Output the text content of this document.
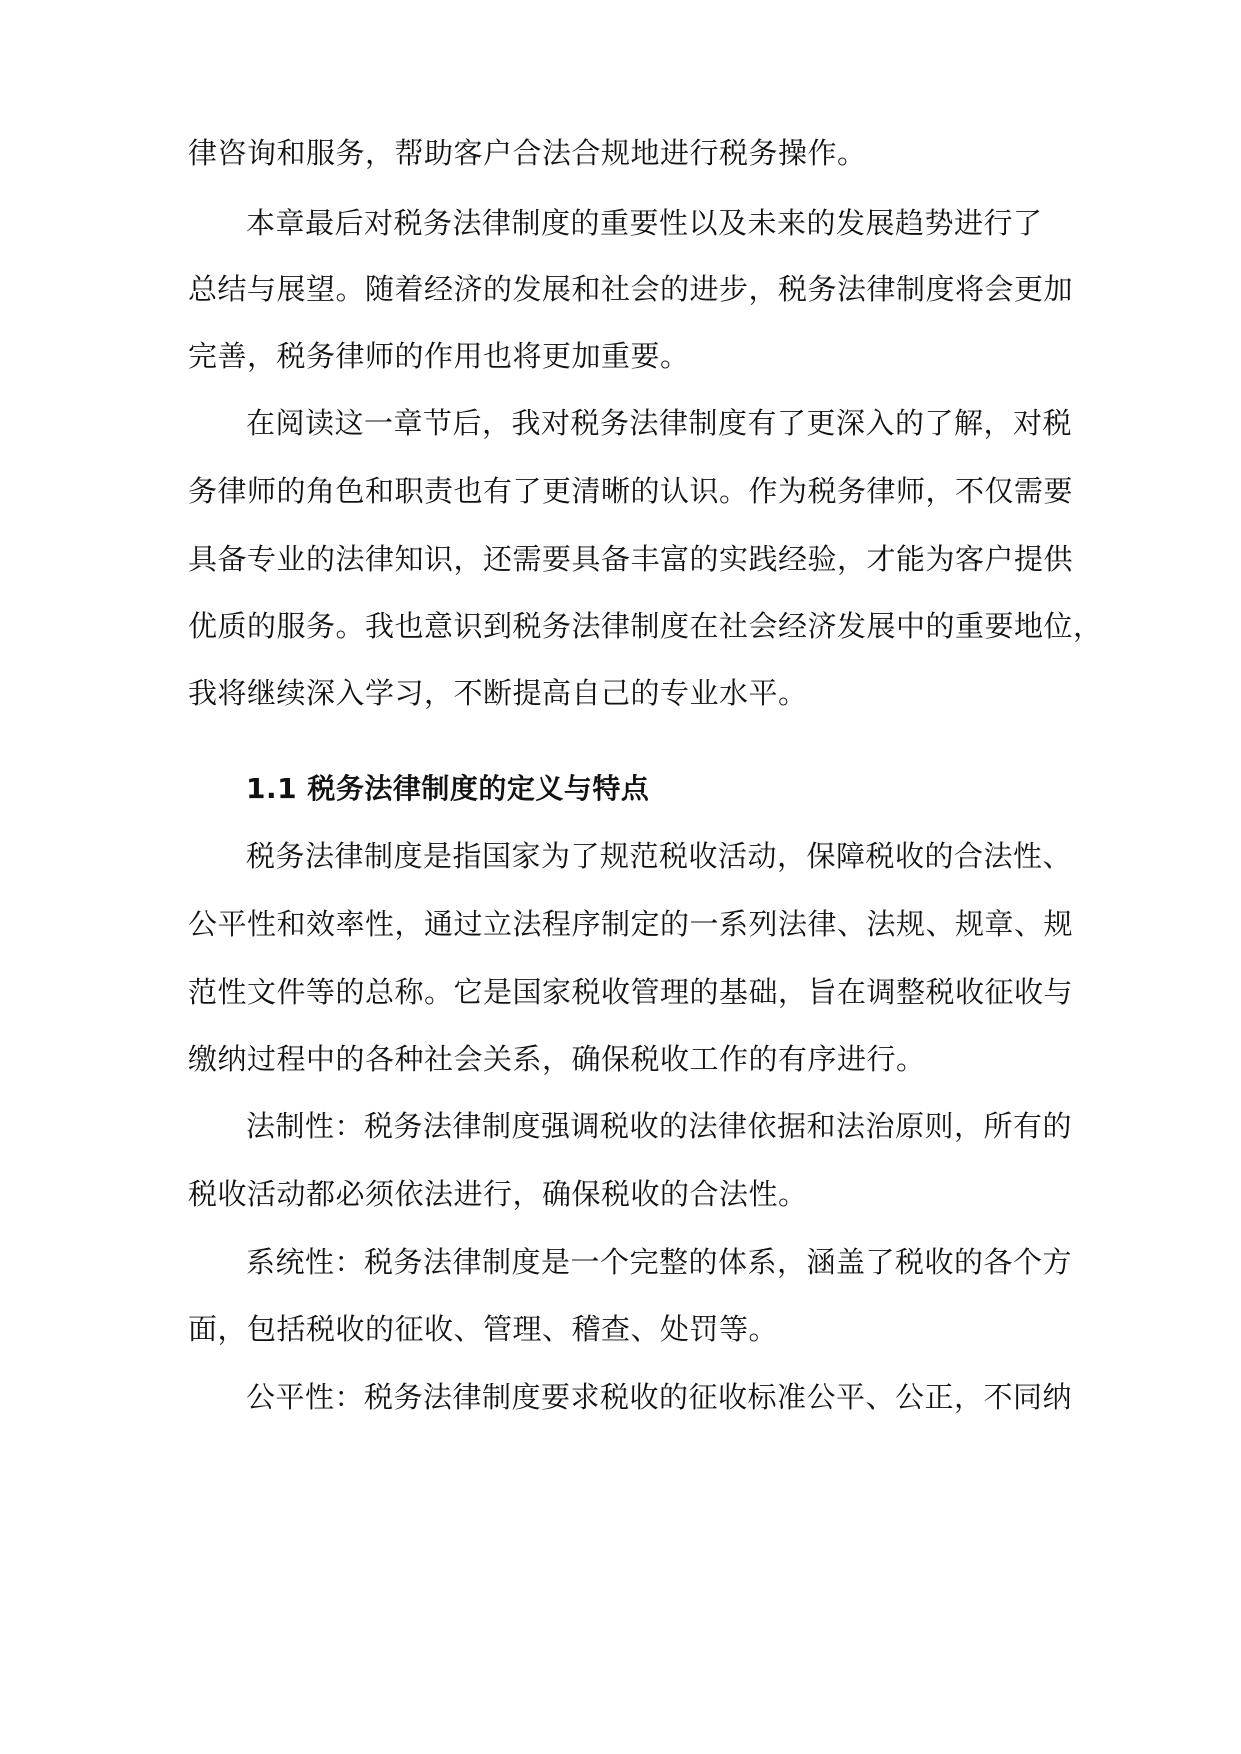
律咨询和服务，帮助客户合法合规地进行税务操作。

本章最后对税务法律制度的重要性以及未来的发展趋势进行了

总结与展望。随着经济的发展和社会的进步，税务法律制度将会更加

完善，税务律师的作用也将更加重要。

在阅读这一章节后，我对税务法律制度有了更深入的了解，对税

务律师的角色和职责也有了更清晰的认识。作为税务律师，不仅需要

具备专业的法律知识，还需要具备丰富的实践经验，才能为客户提供

优质的服务。我也意识到税务法律制度在社会经济发展中的重要地位，

我将继续深入学习，不断提高自己的专业水平。

1.1 税务法律制度的定义与特点

税务法律制度是指国家为了规范税收活动，保障税收的合法性、

公平性和效率性，通过立法程序制定的一系列法律、法规、规章、规

范性文件等的总称。它是国家税收管理的基础，旨在调整税收征收与

缴纳过程中的各种社会关系，确保税收工作的有序进行。

法制性：税务法律制度强调税收的法律依据和法治原则，所有的

税收活动都必须依法进行，确保税收的合法性。

系统性：税务法律制度是一个完整的体系，涵盖了税收的各个方

面，包括税收的征收、管理、稽查、处罚等。

公平性：税务法律制度要求税收的征收标准公平、公正，不同纳
